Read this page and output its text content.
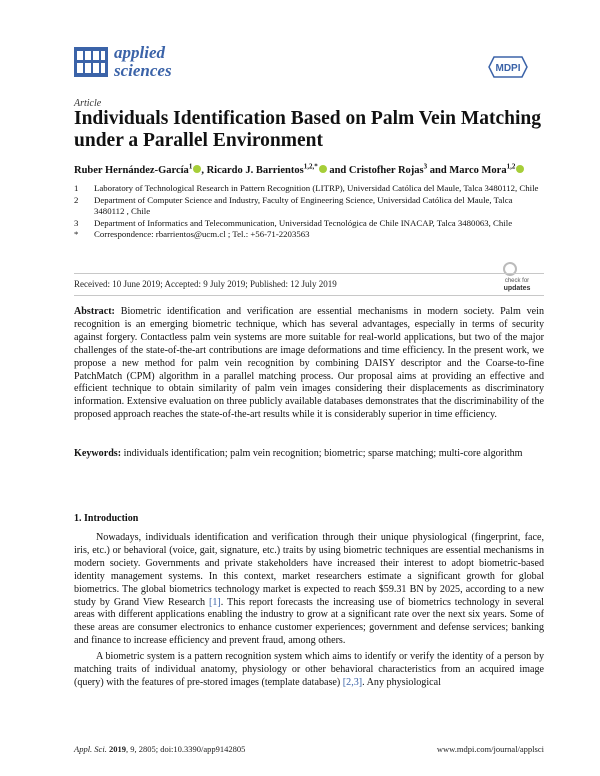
applied
sciences	MDPI
Article
Individuals Identification Based on Palm Vein Matching under a Parallel Environment
Ruber Hernández-García$^1$ , Ricardo J. Barrientos$^{1,2,*}$ and Cristofher Rojas$^3$ and Marco Mora$^{1,2}$
1	Laboratory of Technological Research in Pattern Recognition (LITRP), Universidad Católica del Maule, Talca 3480112, Chile
2	Department of Computer Science and Industry, Faculty of Engineering Science, Universidad Católica del Maule, Talca 3480112 , Chile
3	Department of Informatics and Telecommunication, Universidad Tecnológica de Chile INACAP, Talca 3480063, Chile
*	Correspondence: rbarrientos@ucm.cl ; Tel.: +56-71-2203563
check for
updates
Received: 10 June 2019; Accepted: 9 July 2019; Published: 12 July 2019
Abstract: Biometric identification and verification are essential mechanisms in modern society. Palm vein recognition is an emerging biometric technique, which has several advantages, especially in terms of security against forgery. Contactless palm vein systems are more suitable for real-world applications, but two of the major challenges of the state-of-the-art contributions are image deformations and time efficiency. In the present work, we propose a new method for palm vein recognition by combining DAISY descriptor and the Coarse-to-fine PatchMatch (CPM) algorithm in a parallel matching process. Our proposal aims at providing an effective and efficient technique to obtain similarity of palm vein images considering their displacements as discriminatory information. Extensive evaluation on three publicly available databases demonstrates that the discriminability of the proposed approach reaches the state-of-the-art results while it is considerably superior in time efficiency.
Keywords: individuals identification; palm vein recognition; biometric; sparse matching; multi-core algorithm
1. Introduction

Nowadays, individuals identification and verification through their unique physiological (fingerprint, face, iris, etc.) or behavioral (voice, gait, signature, etc.) traits by using biometric techniques are essential mechanisms in modern society. Governments and private stakeholders have increased their interest to adopt biometric-based identity management systems. In this context, market researchers estimate a significant growth for global biometrics. The global biometrics technology market is expected to reach $59.31 BN by 2025, according to a new study by Grand View Research [1]. This report forecasts the increasing use of biometrics technology in several areas with different applications enabling the industry to grow at a significant rate over the next six years. Some of these areas are consumer electronics to enhance customer experiences; government and defense services; banking and finance to increase efficiency and prevent fraud, among others.

A biometric system is a pattern recognition system which aims to identify or verify the identity of a person by matching traits of individual anatomy, physiology or other behavioral characteristics from an acquired image (query) with the features of pre-stored images (template database) [2,3]. Any physiological

Appl. Sci. 2019, 9, 2805; doi:10.3390/app9142805	www.mdpi.com/journal/applsci
